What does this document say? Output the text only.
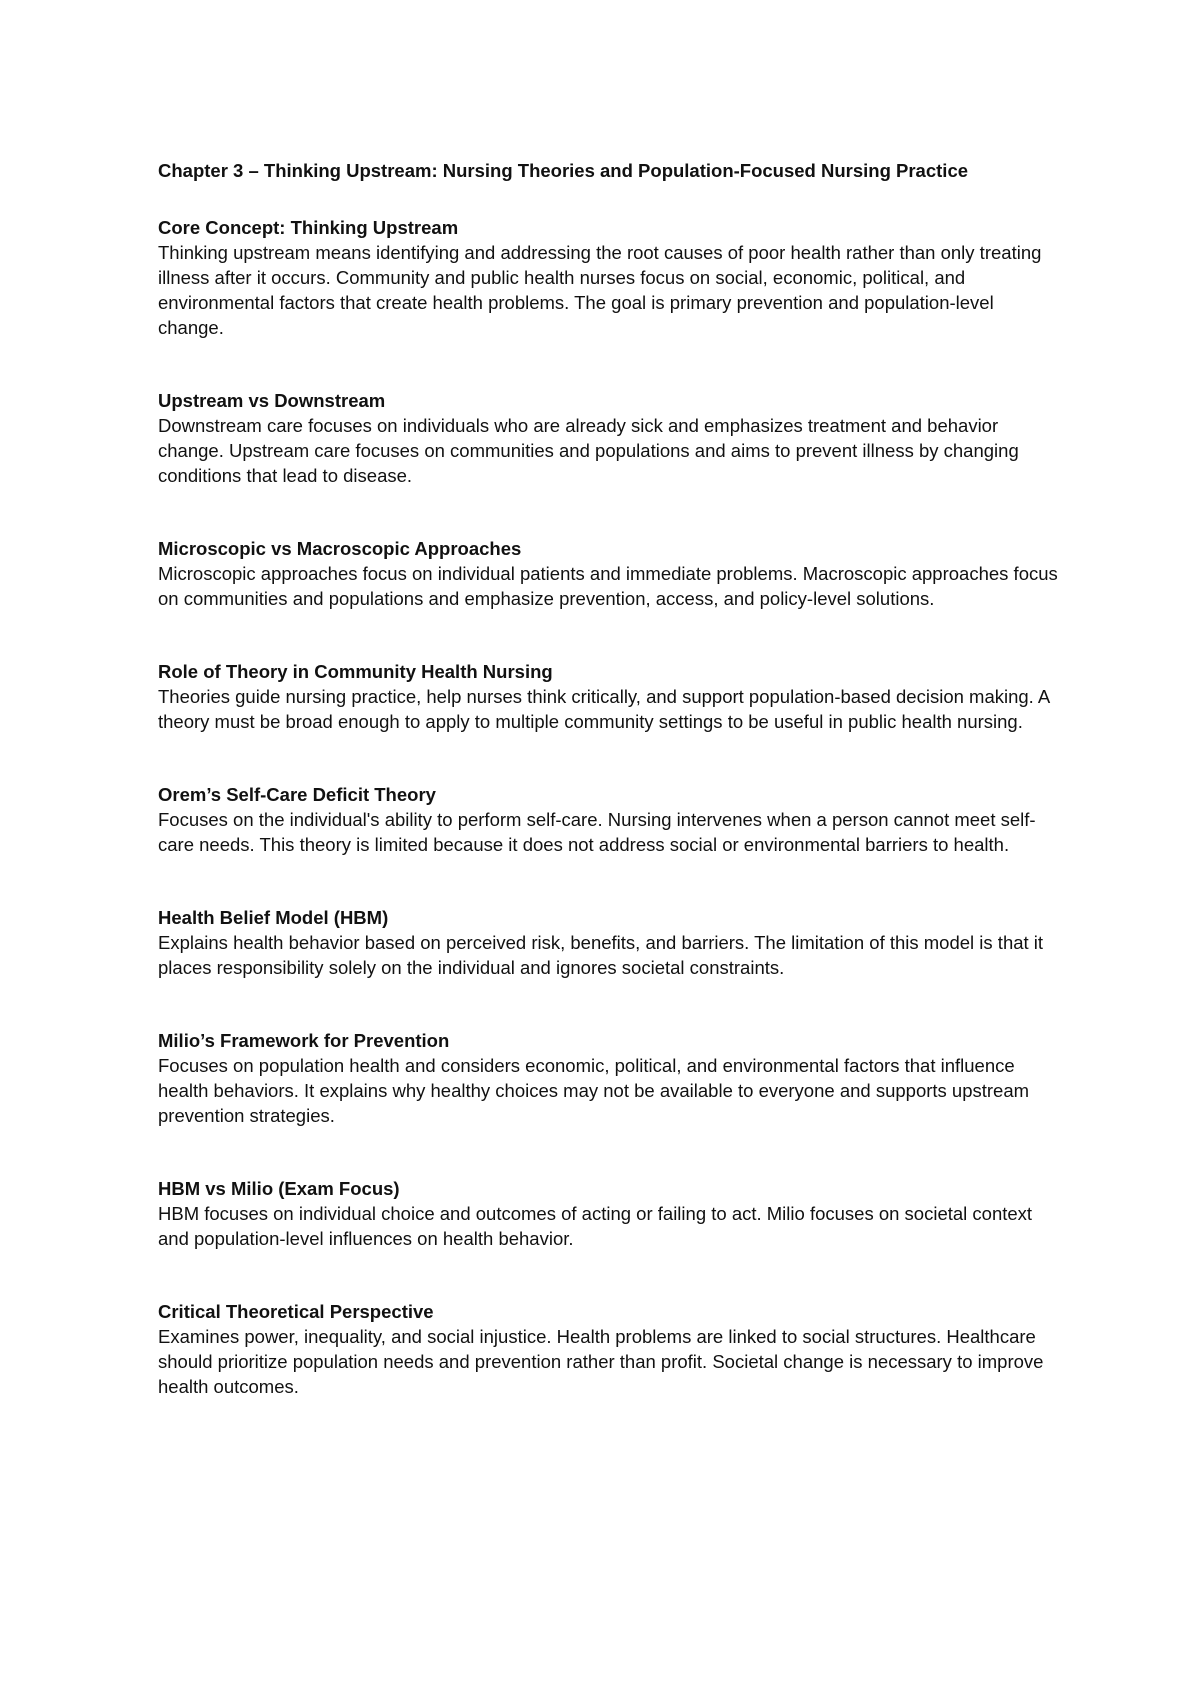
Chapter 3 – Thinking Upstream: Nursing Theories and Population-Focused Nursing Practice

Core Concept: Thinking Upstream

Thinking upstream means identifying and addressing the root causes of poor health rather than only treating illness after it occurs. Community and public health nurses focus on social, economic, political, and environmental factors that create health problems. The goal is primary prevention and population-level change.

Upstream vs Downstream

Downstream care focuses on individuals who are already sick and emphasizes treatment and behavior change. Upstream care focuses on communities and populations and aims to prevent illness by changing conditions that lead to disease.

Microscopic vs Macroscopic Approaches

Microscopic approaches focus on individual patients and immediate problems. Macroscopic approaches focus on communities and populations and emphasize prevention, access, and policy-level solutions.

Role of Theory in Community Health Nursing

Theories guide nursing practice, help nurses think critically, and support population-based decision making. A theory must be broad enough to apply to multiple community settings to be useful in public health nursing.

Orem’s Self-Care Deficit Theory

Focuses on the individual's ability to perform self-care. Nursing intervenes when a person cannot meet self-care needs. This theory is limited because it does not address social or environmental barriers to health.

Health Belief Model (HBM)

Explains health behavior based on perceived risk, benefits, and barriers. The limitation of this model is that it places responsibility solely on the individual and ignores societal constraints.

Milio’s Framework for Prevention

Focuses on population health and considers economic, political, and environmental factors that influence health behaviors. It explains why healthy choices may not be available to everyone and supports upstream prevention strategies.

HBM vs Milio (Exam Focus)

HBM focuses on individual choice and outcomes of acting or failing to act. Milio focuses on societal context and population-level influences on health behavior.

Critical Theoretical Perspective

Examines power, inequality, and social injustice. Health problems are linked to social structures. Healthcare should prioritize population needs and prevention rather than profit. Societal change is necessary to improve health outcomes.
